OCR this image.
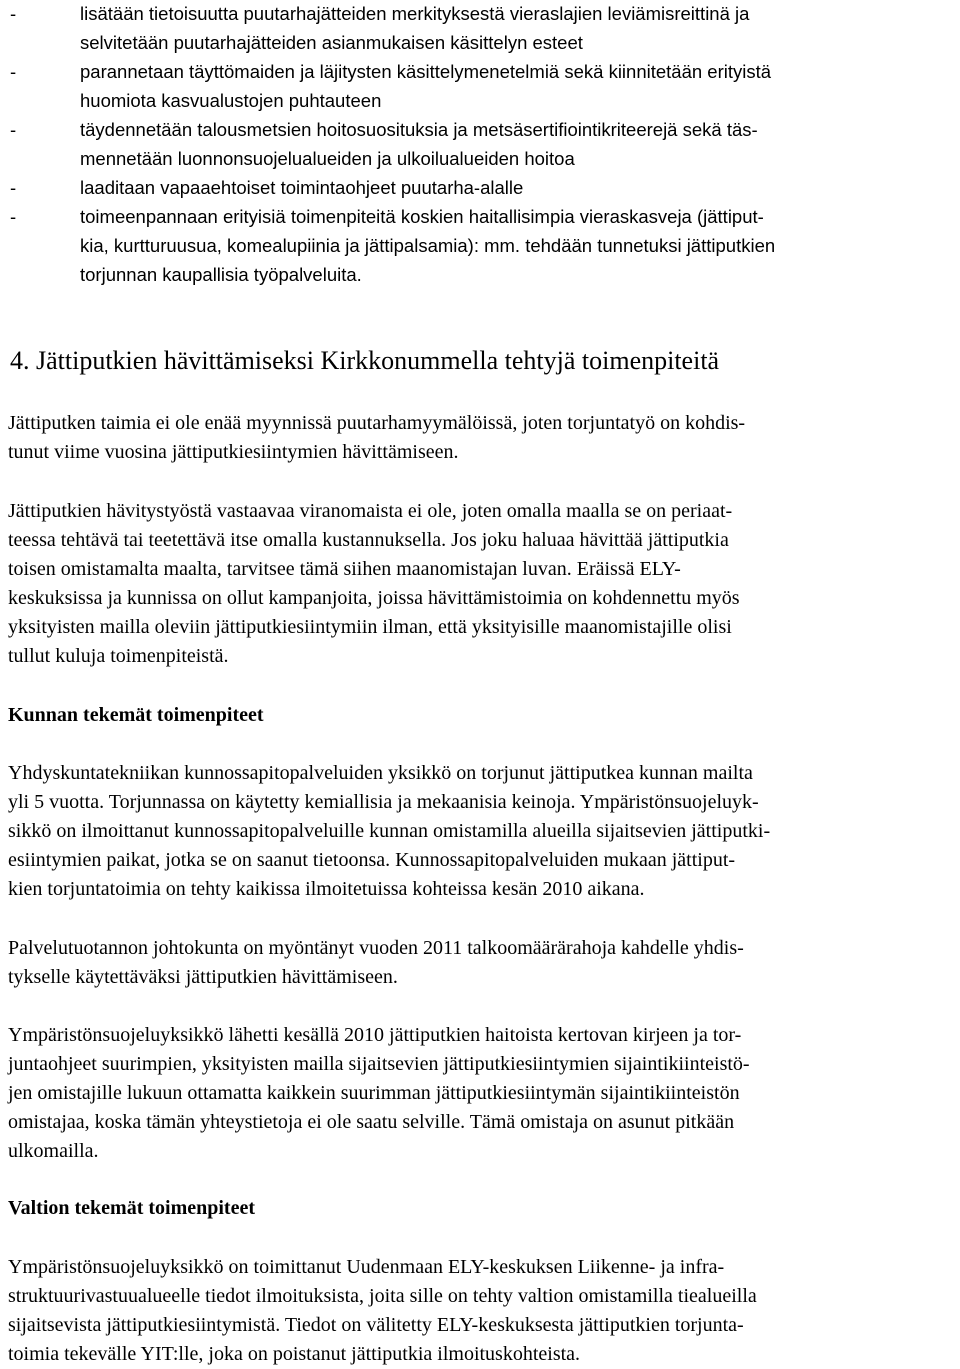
-	lisätään tietoisuutta puutarhajätteiden merkityksestä vieraslajien leviämisreittinä ja
selvitetään puutarhajätteiden asianmukaisen käsittelyn esteet
-	parannetaan täyttömaiden ja läjitysten käsittelymenetelmiä sekä kiinnitetään erityistä
huomiota kasvualustojen puhtauteen
-	täydennetään talousmetsien hoitosuosituksia ja metsäsertifiointikriteerejä sekä täs-
mennetään luonnonsuojelualueiden ja ulkoilualueiden hoitoa
-	laaditaan vapaaehtoiset toimintaohjeet puutarha-alalle
-	toimeenpannaan erityisiä toimenpiteitä koskien haitallisimpia vieraskasveja (jättiput-
kia, kurtturuusua, komealupiinia ja jättipalsamia): mm. tehdään tunnetuksi jättiputkien
torjunnan kaupallisia työpalveluita.
4. Jättiputkien hävittämiseksi Kirkkonummella tehtyjä toimenpiteitä

Jättiputken taimia ei ole enää myynnissä puutarhamyymälöissä, joten torjuntatyö on kohdis-
tunut viime vuosina jättiputkiesiintymien hävittämiseen.

Jättiputkien hävitystyöstä vastaavaa viranomaista ei ole, joten omalla maalla se on periaat-
teessa tehtävä tai teetettävä itse omalla kustannuksella. Jos joku haluaa hävittää jättiputkia
toisen omistamalta maalta, tarvitsee tämä siihen maanomistajan luvan. Eräissä ELY-
keskuksissa ja kunnissa on ollut kampanjoita, joissa hävittämistoimia on kohdennettu myös
yksityisten mailla oleviin jättiputkiesiintymiin ilman, että yksityisille maanomistajille olisi
tullut kuluja toimenpiteistä.

Kunnan tekemät toimenpiteet

Yhdyskuntatekniikan kunnossapitopalveluiden yksikkö on torjunut jättiputkea kunnan mailta
yli 5 vuotta. Torjunnassa on käytetty kemiallisia ja mekaanisia keinoja. Ympäristönsuojeluyk-
sikkö on ilmoittanut kunnossapitopalveluille kunnan omistamilla alueilla sijaitsevien jättiputki-
esiintymien paikat, jotka se on saanut tietoonsa. Kunnossapitopalveluiden mukaan jättiput-
kien torjuntatoimia on tehty kaikissa ilmoitetuissa kohteissa kesän 2010 aikana.

Palvelutuotannon johtokunta on myöntänyt vuoden 2011 talkoomäärärahoja kahdelle yhdis-
tykselle käytettäväksi jättiputkien hävittämiseen.

Ympäristönsuojeluyksikkö lähetti kesällä 2010 jättiputkien haitoista kertovan kirjeen ja tor-
juntaohjeet suurimpien, yksityisten mailla sijaitsevien jättiputkiesiintymien sijaintikiinteistö-
jen omistajille lukuun ottamatta kaikkein suurimman jättiputkiesiintymän sijaintikiinteistön
omistajaa, koska tämän yhteystietoja ei ole saatu selville. Tämä omistaja on asunut pitkään
ulkomailla.

Valtion tekemät toimenpiteet

Ympäristönsuojeluyksikkö on toimittanut Uudenmaan ELY-keskuksen Liikenne- ja infra-
struktuurivastuualueelle tiedot ilmoituksista, joita sille on tehty valtion omistamilla tiealueilla
sijaitsevista jättiputkiesiintymistä. Tiedot on välitetty ELY-keskuksesta jättiputkien torjunta-
toimia tekevälle YIT:lle, joka on poistanut jättiputkia ilmoituskohteista.
